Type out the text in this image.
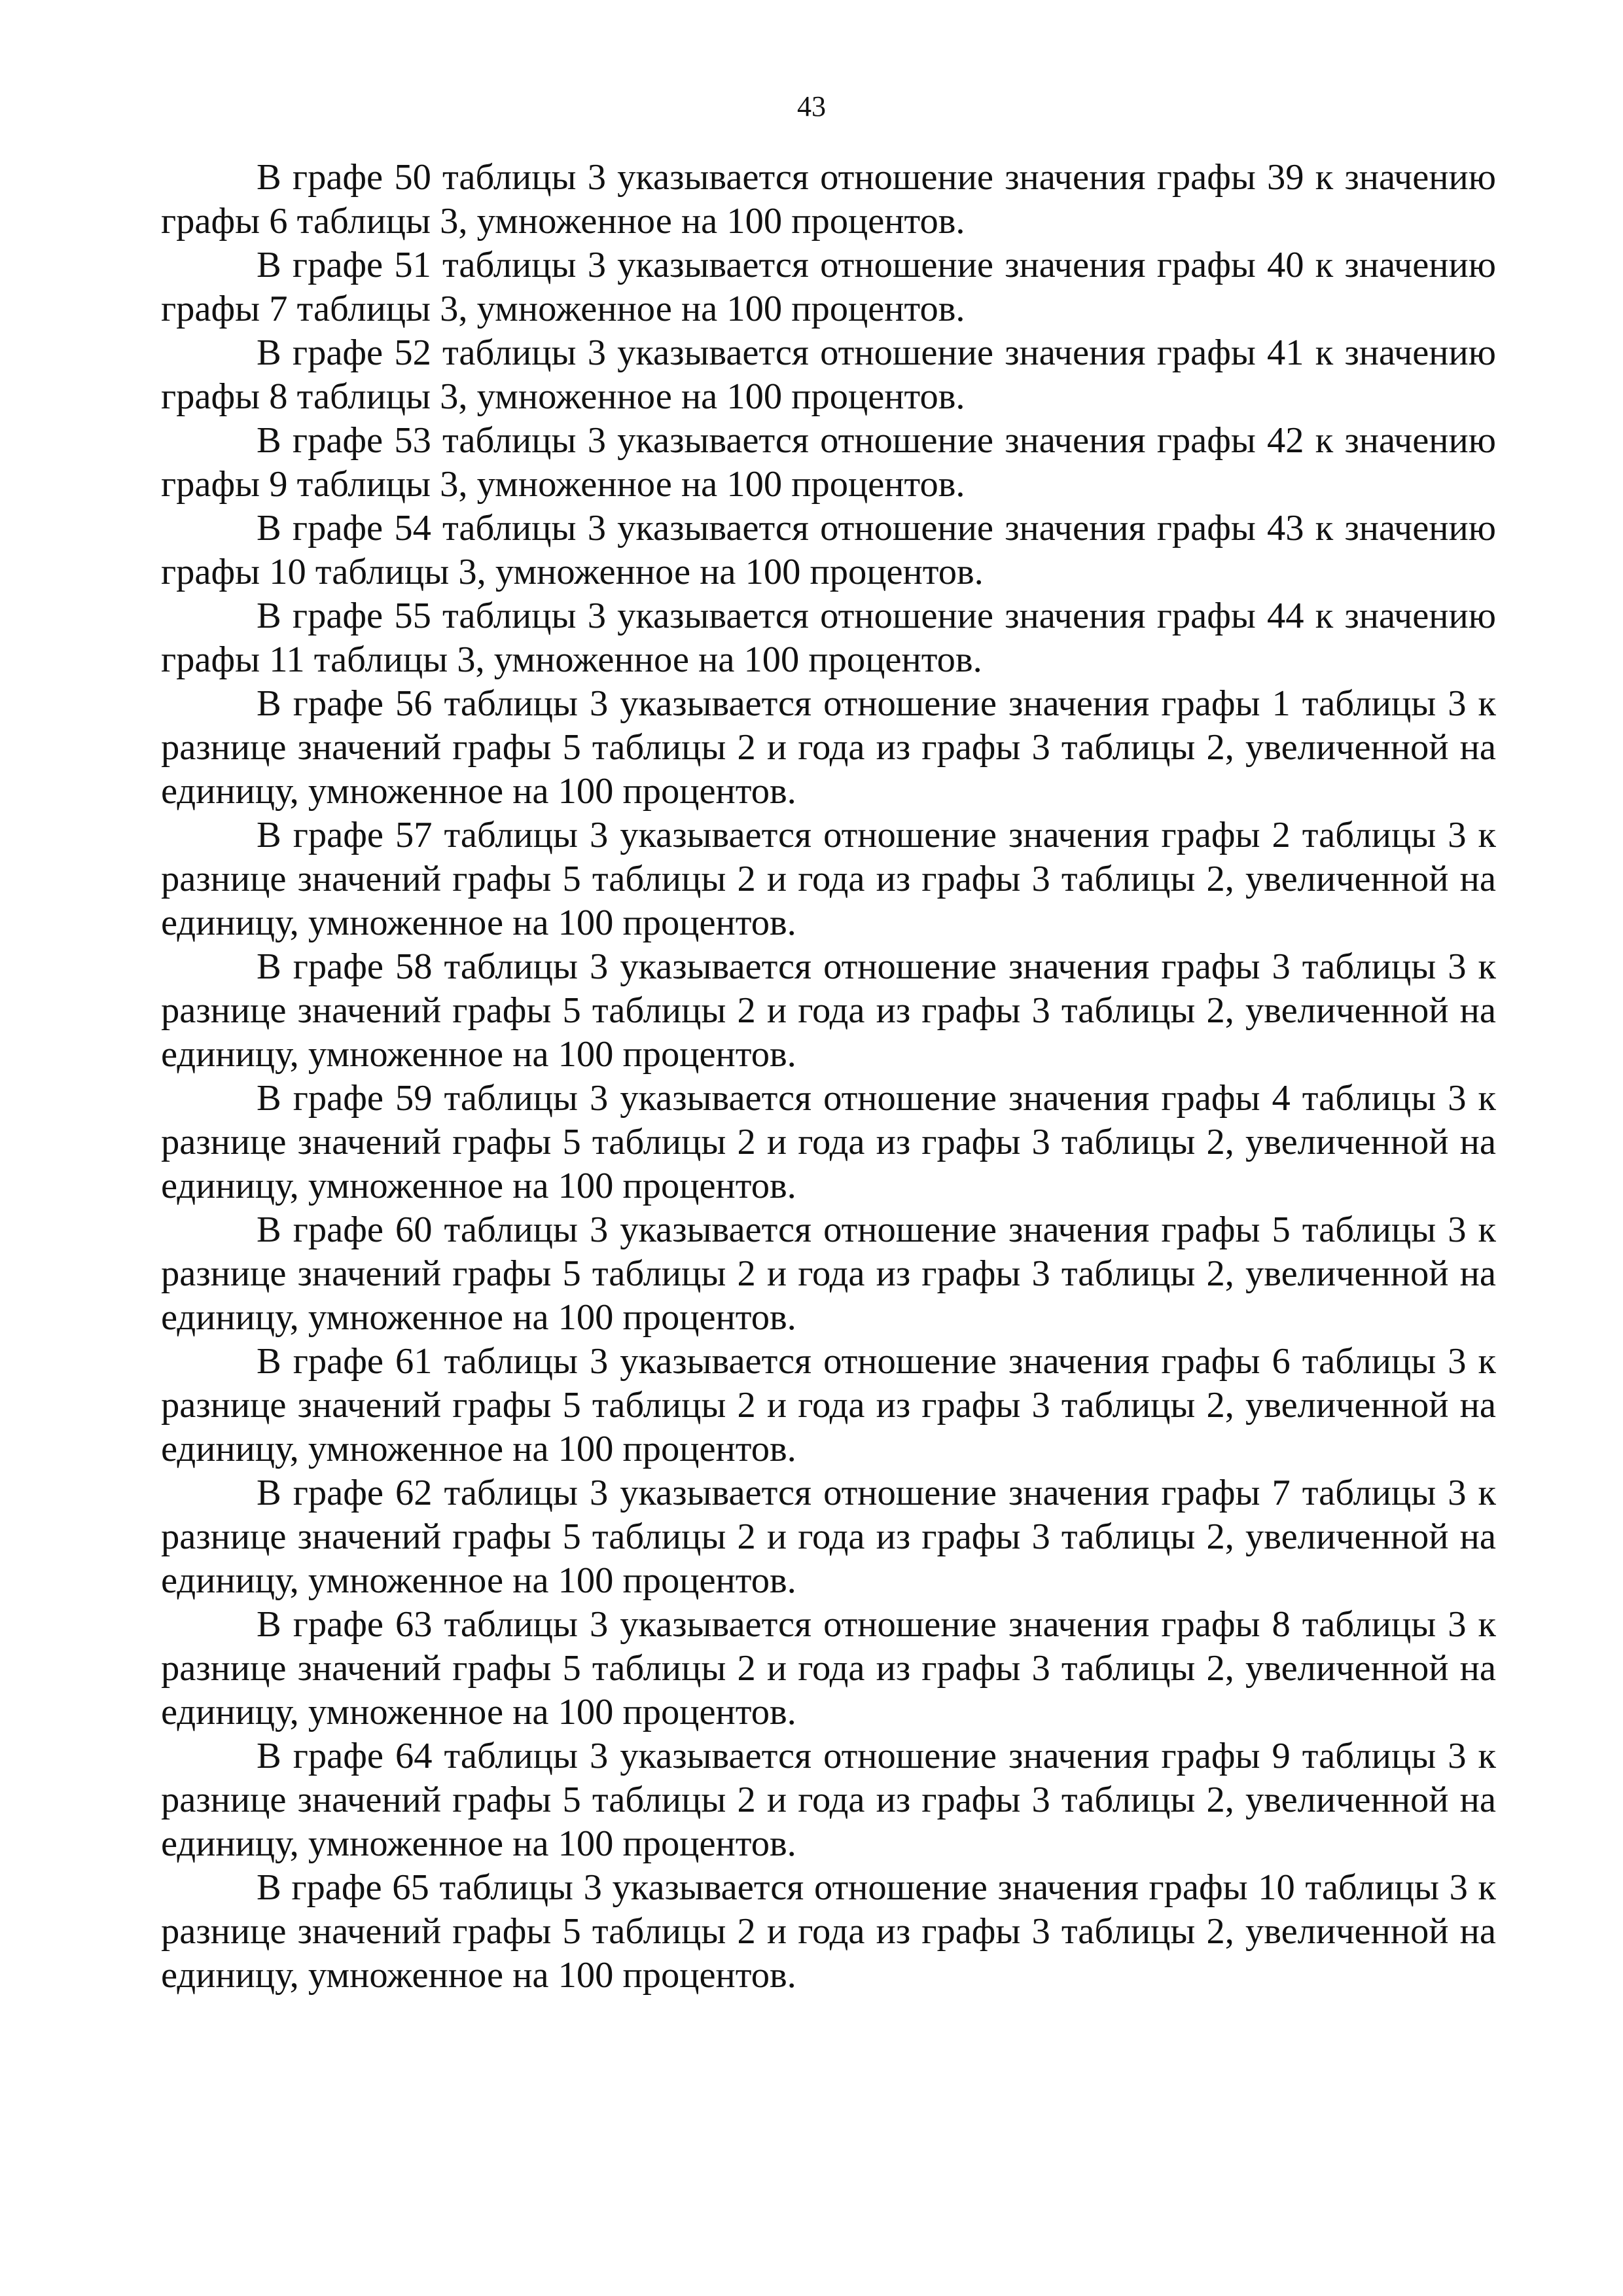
43

В графе 50 таблицы 3 указывается отношение значения графы 39 к значению графы 6 таблицы 3, умноженное на 100 процентов.

В графе 51 таблицы 3 указывается отношение значения графы 40 к значению графы 7 таблицы 3, умноженное на 100 процентов.

В графе 52 таблицы 3 указывается отношение значения графы 41 к значению графы 8 таблицы 3, умноженное на 100 процентов.

В графе 53 таблицы 3 указывается отношение значения графы 42 к значению графы 9 таблицы 3, умноженное на 100 процентов.

В графе 54 таблицы 3 указывается отношение значения графы 43 к значению графы 10 таблицы 3, умноженное на 100 процентов.

В графе 55 таблицы 3 указывается отношение значения графы 44 к значению графы 11 таблицы 3, умноженное на 100 процентов.

В графе 56 таблицы 3 указывается отношение значения графы 1 таблицы 3 к разнице значений графы 5 таблицы 2 и года из графы 3 таблицы 2, увеличенной на единицу, умноженное на 100 процентов.

В графе 57 таблицы 3 указывается отношение значения графы 2 таблицы 3 к разнице значений графы 5 таблицы 2 и года из графы 3 таблицы 2, увеличенной на единицу, умноженное на 100 процентов.

В графе 58 таблицы 3 указывается отношение значения графы 3 таблицы 3 к разнице значений графы 5 таблицы 2 и года из графы 3 таблицы 2, увеличенной на единицу, умноженное на 100 процентов.

В графе 59 таблицы 3 указывается отношение значения графы 4 таблицы 3 к разнице значений графы 5 таблицы 2 и года из графы 3 таблицы 2, увеличенной на единицу, умноженное на 100 процентов.

В графе 60 таблицы 3 указывается отношение значения графы 5 таблицы 3 к разнице значений графы 5 таблицы 2 и года из графы 3 таблицы 2, увеличенной на единицу, умноженное на 100 процентов.

В графе 61 таблицы 3 указывается отношение значения графы 6 таблицы 3 к разнице значений графы 5 таблицы 2 и года из графы 3 таблицы 2, увеличенной на единицу, умноженное на 100 процентов.

В графе 62 таблицы 3 указывается отношение значения графы 7 таблицы 3 к разнице значений графы 5 таблицы 2 и года из графы 3 таблицы 2, увеличенной на единицу, умноженное на 100 процентов.

В графе 63 таблицы 3 указывается отношение значения графы 8 таблицы 3 к разнице значений графы 5 таблицы 2 и года из графы 3 таблицы 2, увеличенной на единицу, умноженное на 100 процентов.

В графе 64 таблицы 3 указывается отношение значения графы 9 таблицы 3 к разнице значений графы 5 таблицы 2 и года из графы 3 таблицы 2, увеличенной на единицу, умноженное на 100 процентов.

В графе 65 таблицы 3 указывается отношение значения графы 10 таблицы 3 к разнице значений графы 5 таблицы 2 и года из графы 3 таблицы 2, увеличенной на единицу, умноженное на 100 процентов.
